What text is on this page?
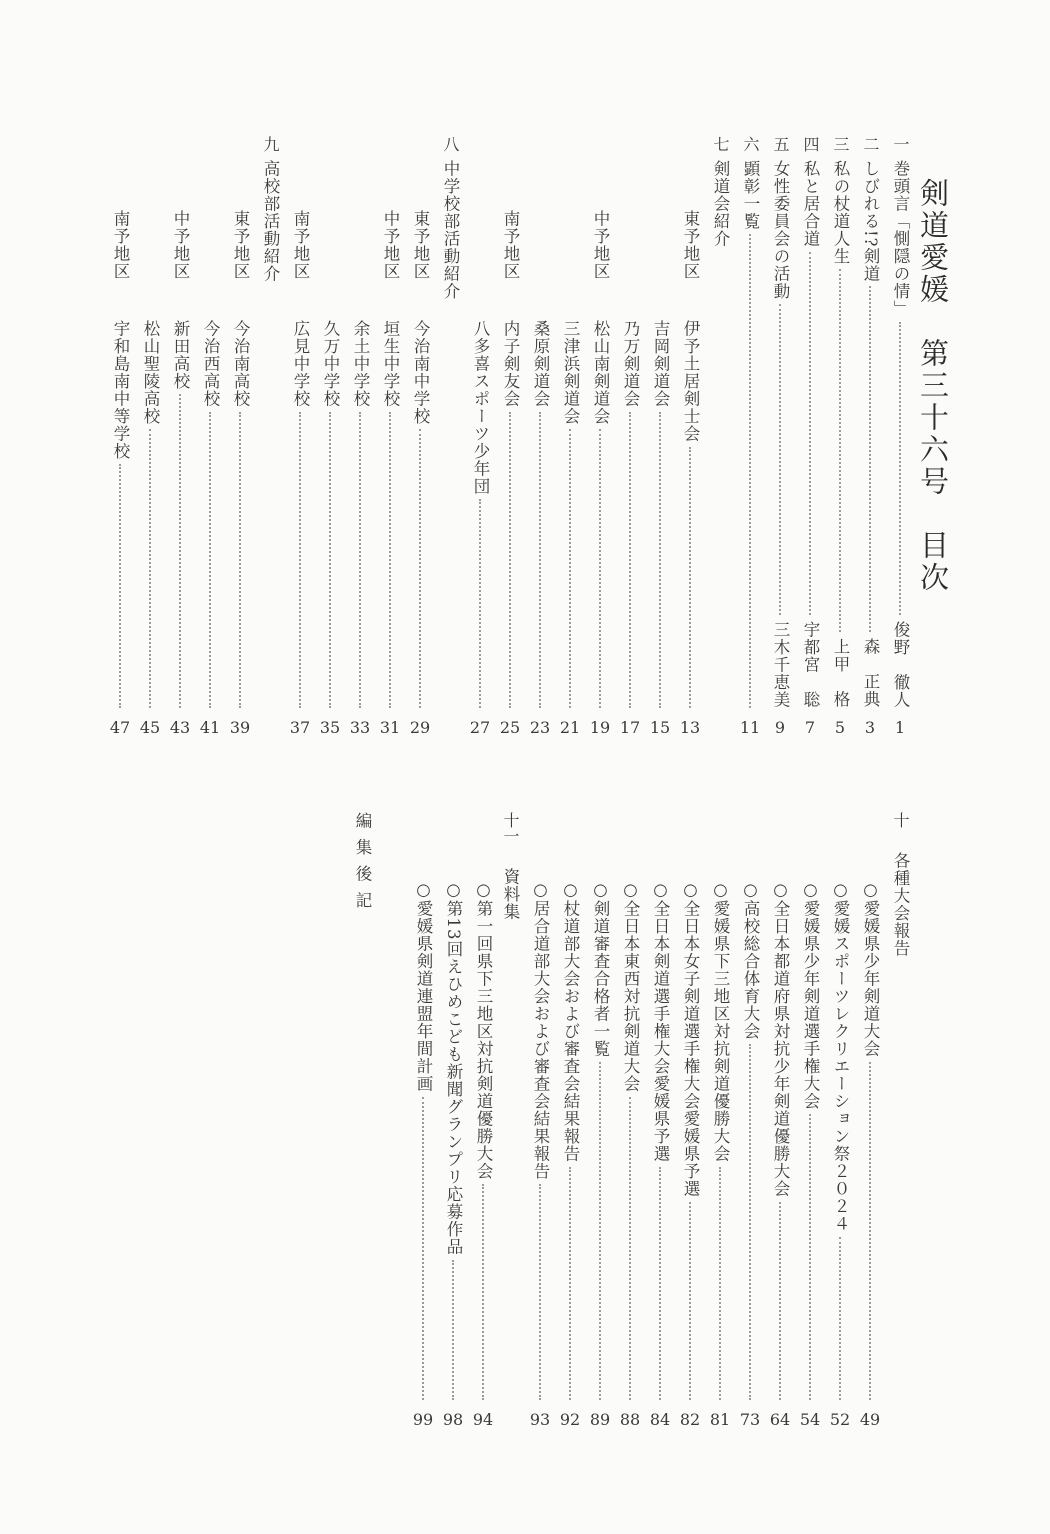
剣道愛媛　第三十六号　目次
一
巻頭言「惻隠の情」
俊野　徹人
1
二
しびれる!?剣道
森　正典
3
三
私の杖道人生
上甲　格
5
四
私と居合道
宇都宮　聡
7
五
女性委員会の活動
三木千恵美
9
六
顕彰一覧
11
七
剣道会紹介
東予地区
伊予土居剣士会
13
吉岡剣道会
15
乃万剣道会
17
中予地区
松山南剣道会
19
三津浜剣道会
21
桑原剣道会
23
南予地区
内子剣友会
25
八多喜スポーツ少年団
27
八
中学校部活動紹介
東予地区
今治南中学校
29
中予地区
垣生中学校
31
余土中学校
33
久万中学校
35
南予地区
広見中学校
37
九
高校部活動紹介
東予地区
今治南高校
39
今治西高校
41
中予地区
新田高校
43
松山聖陵高校
45
南予地区
宇和島南中等学校
47
十
各種大会報告
○愛媛県少年剣道大会
49
○愛媛スポーツレクリエーション祭２０２４
52
○愛媛県少年剣道選手権大会
54
○全日本都道府県対抗少年剣道優勝大会
64
○高校総合体育大会
73
○愛媛県下三地区対抗剣道優勝大会
81
○全日本女子剣道選手権大会愛媛県予選
82
○全日本剣道選手権大会愛媛県予選
84
○全日本東西対抗剣道大会
88
○剣道審査合格者一覧
89
○杖道部大会および審査会結果報告
92
○居合道部大会および審査会結果報告
93
十一
資料集
○第一回県下三地区対抗剣道優勝大会
94
○第13回えひめこども新聞グランプリ応募作品
98
○愛媛県剣道連盟年間計画
99
編集後記
